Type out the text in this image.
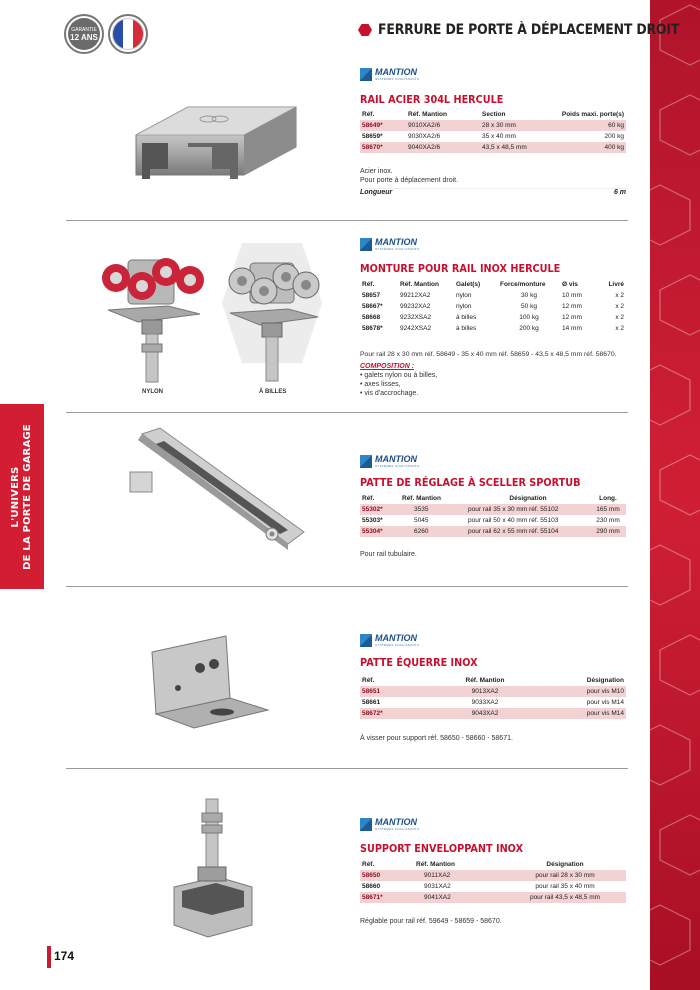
L'UNIVERS DE LA PORTE DE GARAGE
GARANTIE
12 ANS	FERRURE DE PORTE À DÉPLACEMENT DROIT
MANTION
SYSTÈMES COULISSANTS
RAIL ACIER 304L HERCULE
Réf.	Réf. Mantion	Section	Poids maxi. porte(s)
58649*	9010XA2/6	28 x 30 mm	60 kg
58659*	9030XA2/6	35 x 40 mm	200 kg
58670*	9040XA2/6	43,5 x 48,5 mm	400 kg
Acier inox.
Pour porte à déplacement droit.
Longueur	6 m
NYLON	À BILLES
MANTION
SYSTÈMES COULISSANTS
MONTURE POUR RAIL INOX HERCULE
Réf.	Réf. Mantion	Galet(s)	Force/monture	Ø vis	Livré
58657	99212XA2	nylon	30 kg	10 mm	x 2
58667*	99232XA2	nylon	50 kg	12 mm	x 2
58668	9232XSA2	à billes	100 kg	12 mm	x 2
58678*	9242XSA2	à billes	200 kg	14 mm	x 2
Pour rail 28 x 30 mm réf. 58649 - 35 x 40 mm réf. 58659 - 43,5 x 48,5 mm réf. 58670.
COMPOSITION :
• galets nylon ou à billes,
• axes lisses,
• vis d'accrochage.
MANTION
SYSTÈMES COULISSANTS
PATTE DE RÉGLAGE À SCELLER SPORTUB
Réf.	Réf. Mantion	Désignation	Long.
55302*	3535	pour rail 35 x 30 mm réf. 55102	165 mm
55303*	5045	pour rail 50 x 40 mm réf. 55103	230 mm
55304*	6260	pour rail 62 x 55 mm réf. 55104	290 mm
Pour rail tubulaire.
MANTION
SYSTÈMES COULISSANTS
PATTE ÉQUERRE INOX
Réf.	Réf. Mantion	Désignation
58651	9013XA2	pour vis M10
58661	9033XA2	pour vis M14
58672*	9043XA2	pour vis M14
À visser pour support réf. 58650 - 58660 - 58671.
MANTION
SYSTÈMES COULISSANTS
SUPPORT ENVELOPPANT INOX
Réf.	Réf. Mantion	Désignation
58650	9011XA2	pour rail 28 x 30 mm
58660	9031XA2	pour rail 35 x 40 mm
58671*	9041XA2	pour rail 43,5 x 48,5 mm
Réglable pour rail réf. 59649 - 58659 - 58670.
174
